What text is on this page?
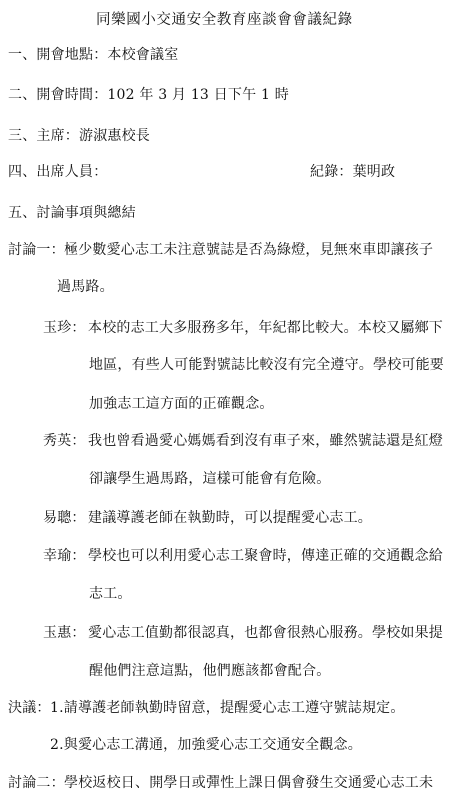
同樂國小交通安全教育座談會會議紀錄
一、開會地點：本校會議室
二、開會時間：102 年 3 月 13 日下午 1 時
三、主席：游淑惠校長
四、出席人員：	紀錄：葉明政
五、討論事項與總結
討論一： 極少數愛心志工未注意號誌是否為綠燈，見無來車即讓孩子
過馬路。
玉珍： 本校的志工大多服務多年，年紀都比較大。本校又屬鄉下
地區，有些人可能對號誌比較沒有完全遵守。學校可能要
加強志工這方面的正確觀念。
秀英： 我也曾看過愛心媽媽看到沒有車子來，雖然號誌還是紅燈
卻讓學生過馬路，這樣可能會有危險。
易聰： 建議導護老師在執勤時，可以提醒愛心志工。
幸瑜： 學校也可以利用愛心志工聚會時，傳達正確的交通觀念給
志工。
玉惠： 愛心志工值勤都很認真，也都會很熱心服務。學校如果提
醒他們注意這點，他們應該都會配合。
決議： 1.請導護老師執勤時留意，提醒愛心志工遵守號誌規定。
2.與愛心志工溝通，加強愛心志工交通安全觀念。
討論二： 學校返校日、開學日或彈性上課日偶會發生交通愛心志工未
